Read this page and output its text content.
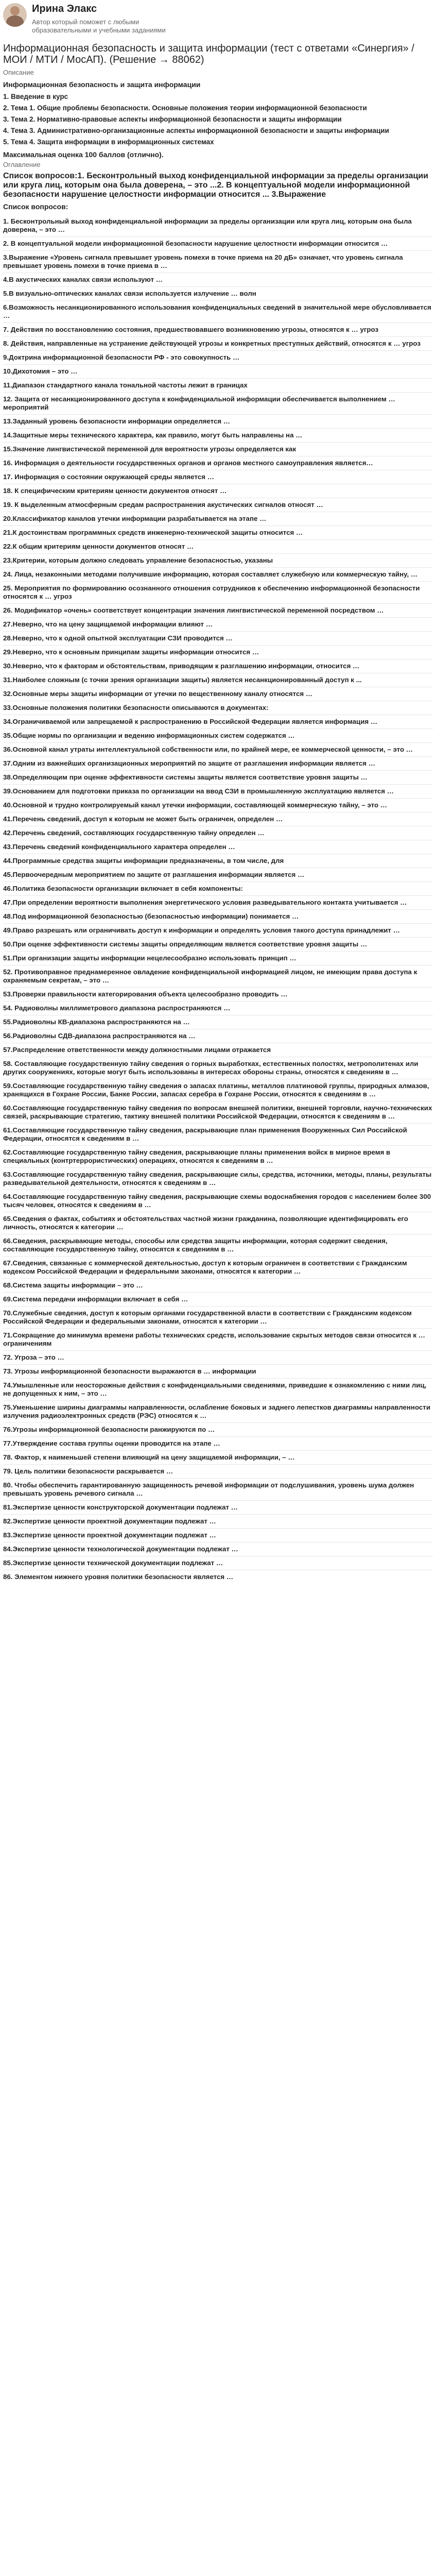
Ирина Элакс
Автор который поможет с любыми образовательными и учебными заданиями
Информационная безопасность и защита информации (тест с ответами «Синергия» / МОИ / МТИ / МосАП). (Решение → 88062)
Описание
Информационная безопасность и защита информации
1. Введение в курс
2. Тема 1. Общие проблемы безопасности. Основные положения теории информационной безопасности
3. Тема 2. Нормативно-правовые аспекты информационной безопасности и защиты информации
4. Тема 3. Административно-организационные аспекты информационной безопасности и защиты информации
5. Тема 4. Защита информации в информационных системах
Максимальная оценка 100 баллов (отлично).
Оглавление
Список вопросов:1. Бесконтрольный выход конфиденциальной информации за пределы организации или круга лиц, которым она была доверена, – это ...2. В концептуальной модели информационной безопасности нарушение целостности информации относится ... 3.Выражение
Список вопросов:
1. Бесконтрольный выход конфиденциальной информации за пределы организации или круга лиц, которым она была доверена, – это …
2. В концептуальной модели информационной безопасности нарушение целостности информации относится …
3.Выражение «Уровень сигнала превышает уровень помехи в точке приема на 20 дБ» означает, что уровень сигнала превышает уровень помехи в точке приема в …
4.В акустических каналах связи используют …
5.В визуально-оптических каналах связи используется излучение … волн
6.Возможность несанкционированного использования конфиденциальных сведений в значительной мере обусловливается …
7. Действия по восстановлению состояния, предшествовавшего возникновению угрозы, относятся к … угроз
8. Действия, направленные на устранение действующей угрозы и конкретных преступных действий, относятся к … угроз
9.Доктрина информационной безопасности РФ - это совокупность …
10.Дихотомия – это …
11.Диапазон стандартного канала тональной частоты лежит в границах
12. Защита от несанкционированного доступа к конфиденциальной информации обеспечивается выполнением … мероприятий
13.Заданный уровень безопасности информации определяется …
14.Защитные меры технического характера, как правило, могут быть направлены на …
15.Значение лингвистической переменной для вероятности угрозы определяется как
16. Информация о деятельности государственных органов и органов местного самоуправления является…
17. Информация о состоянии окружающей среды является …
18. К специфическим критериям ценности документов относят …
19. К выделенным атмосферным средам распространения акустических сигналов относят …
20.Классификатор каналов утечки информации разрабатывается на этапе …
21.К достоинствам программных средств инженерно-технической защиты относится …
22.К общим критериям ценности документов относят …
23.Критерии, которым должно следовать управление безопасностью, указаны
24. Лица, незаконными методами получившие информацию, которая составляет служебную или коммерческую тайну, …
25. Мероприятия по формированию осознанного отношения сотрудников к обеспечению информационной безопасности относятся к … угроз
26. Модификатор «очень» соответствует концентрации значения лингвистической переменной посредством …
27.Неверно, что на цену защищаемой информации влияют …
28.Неверно, что к одной опытной эксплуатации СЗИ проводится …
29.Неверно, что к основным принципам защиты информации относится …
30.Неверно, что к факторам и обстоятельствам, приводящим к разглашению информации, относится …
31.Наиболее сложным (с точки зрения организации защиты) является несанкционированный доступ к ...
32.Основные меры защиты информации от утечки по вещественному каналу относятся …
33.Основные положения политики безопасности описываются в документах:
34.Ограничиваемой или запрещаемой к распространению в Российской Федерации является информация …
35.Общие нормы по организации и ведению информационных систем содержатся …
36.Основной канал утраты интеллектуальной собственности или, по крайней мере, ее коммерческой ценности, – это …
37.Одним из важнейших организационных мероприятий по защите от разглашения информации является …
38.Определяющим при оценке эффективности системы защиты является соответствие уровня защиты …
39.Основанием для подготовки приказа по организации на ввод СЗИ в промышленную эксплуатацию является …
40.Основной и трудно контролируемый канал утечки информации, составляющей коммерческую тайну, – это …
41.Перечень сведений, доступ к которым не может быть ограничен, определен …
42.Перечень сведений, составляющих государственную тайну определен …
43.Перечень сведений конфиденциального характера определен …
44.Программные средства защиты информации предназначены, в том числе, для
45.Первоочередным мероприятием по защите от разглашения информации является …
46.Политика безопасности организации включает в себя компоненты:
47.При определении вероятности выполнения энергетического условия разведывательного контакта учитывается …
48.Под информационной безопасностью (безопасностью информации) понимается …
49.Право разрешать или ограничивать доступ к информации и определять условия такого доступа принадлежит …
50.При оценке эффективности системы защиты определяющим является соответствие уровня защиты …
51.При организации защиты информации нецелесообразно использовать принцип …
52. Противоправное преднамеренное овладение конфиденциальной информацией лицом, не имеющим права доступа к охраняемым секретам, – это …
53.Проверки правильности категорирования объекта целесообразно проводить …
54. Радиоволны миллиметрового диапазона распространяются …
55.Радиоволны КВ-диапазона распространяются на …
56.Радиоволны СДВ-диапазона распространяются на …
57.Распределение ответственности между должностными лицами отражается
58. Составляющие государственную тайну сведения о горных выработках, естественных полостях, метрополитенах или других сооружениях, которые могут быть использованы в интересах обороны страны, относятся к сведениям в …
59.Составляющие государственную тайну сведения о запасах платины, металлов платиновой группы, природных алмазов, хранящихся в Гохране России, Банке России, запасах серебра в Гохране России, относятся к сведениям в …
60.Составляющие государственную тайну сведения по вопросам внешней политики, внешней торговли, научно-технических связей, раскрывающие стратегию, тактику внешней политики Российской Федерации, относятся к сведениям в …
61.Составляющие государственную тайну сведения, раскрывающие план применения Вооруженных Сил Российской Федерации, относятся к сведениям в …
62.Составляющие государственную тайну сведения, раскрывающие планы применения войск в мирное время в специальных (контртеррористических) операциях, относятся к сведениям в …
63.Составляющие государственную тайну сведения, раскрывающие силы, средства, источники, методы, планы, результаты разведывательной деятельности, относятся к сведениям в …
64.Составляющие государственную тайну сведения, раскрывающие схемы водоснабжения городов с населением более 300 тысяч человек, относятся к сведениям в …
65.Сведения о фактах, событиях и обстоятельствах частной жизни гражданина, позволяющие идентифицировать его личность, относятся к категории …
66.Сведения, раскрывающие методы, способы или средства защиты информации, которая содержит сведения, составляющие государственную тайну, относятся к сведениям в …
67.Сведения, связанные с коммерческой деятельностью, доступ к которым ограничен в соответствии с Гражданским кодексом Российской Федерации и федеральными законами, относятся к категории …
68.Система защиты информации – это …
69.Система передачи информации включает в себя …
70.Служебные сведения, доступ к которым органами государственной власти в соответствии с Гражданским кодексом Российской Федерации и федеральными законами, относятся к категории …
71.Сокращение до минимума времени работы технических средств, использование скрытых методов связи относится к … ограничениям
72. Угроза – это …
73. Угрозы информационной безопасности выражаются в … информации
74.Умышленные или неосторожные действия с конфиденциальными сведениями, приведшие к ознакомлению с ними лиц, не допущенных к ним, – это …
75.Уменьшение ширины диаграммы направленности, ослабление боковых и заднего лепестков диаграммы направленности излучения радиоэлектронных средств (РЭС) относятся к …
76.Угрозы информационной безопасности ранжируются по …
77.Утверждение состава группы оценки проводится на этапе …
78. Фактор, к наименьшей степени влияющий на цену защищаемой информации, – …
79. Цель политики безопасности раскрывается …
80. Чтобы обеспечить гарантированную защищенность речевой информации от подслушивания, уровень шума должен превышать уровень речевого сигнала …
81.Экспертизе ценности конструкторской документации подлежат …
82.Экспертизе ценности проектной документации подлежат …
83.Экспертизе ценности проектной документации подлежат …
84.Экспертизе ценности технологической документации подлежат …
85.Экспертизе ценности технической документации подлежат …
86. Элементом нижнего уровня политики безопасности является …
